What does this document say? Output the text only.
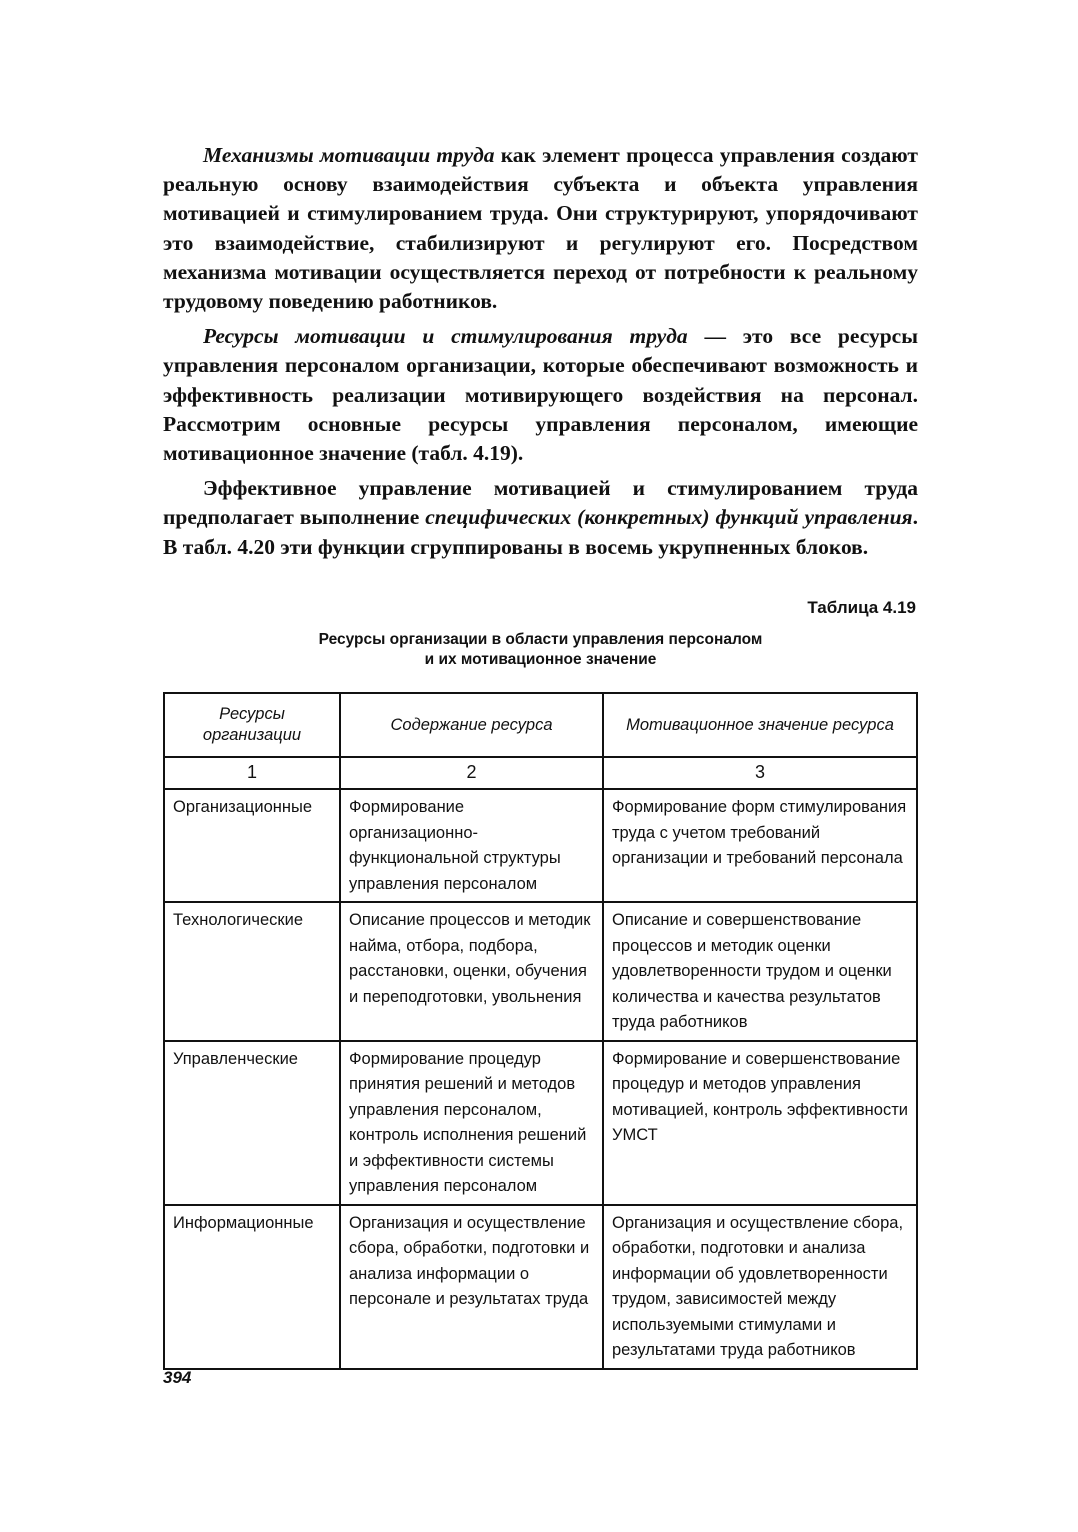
Механизмы мотивации труда как элемент процесса управления создают реальную основу взаимодействия субъекта и объекта управления мотивацией и стимулированием труда. Они структурируют, упорядочивают это взаимодействие, стабилизируют и регулируют его. Посредством механизма мотивации осуществляется переход от потребности к реальному трудовому поведению работников.

Ресурсы мотивации и стимулирования труда — это все ресурсы управления персоналом организации, которые обеспечивают возможность и эффективность реализации мотивирующего воздействия на персонал. Рассмотрим основные ресурсы управления персоналом, имеющие мотивационное значение (табл. 4.19).

Эффективное управление мотивацией и стимулированием труда предполагает выполнение специфических (конкретных) функций управления. В табл. 4.20 эти функции сгруппированы в восемь укрупненных блоков.

Таблица 4.19
Ресурсы организации в области управления персоналом
и их мотивационное значение
Ресурсы организации	Содержание ресурса	Мотивационное значение ресурса
1	2	3
Организационные	Формирование организационно-функциональной структуры управления персоналом	Формирование форм стимулирования труда с учетом требований организации и требований персонала
Технологические	Описание процессов и методик найма, отбора, подбора, расстановки, оценки, обучения и переподготовки, увольнения	Описание и совершенствование процессов и методик оценки удовлетворенности трудом и оценки количества и качества результатов труда работников
Управленческие	Формирование процедур принятия решений и методов управления персоналом, контроль исполнения решений и эффективности системы управления персоналом	Формирование и совершенствование процедур и методов управления мотивацией, контроль эффективности УМСТ
Информационные	Организация и осуществление сбора, обработки, подготовки и анализа информации о персонале и результатах труда	Организация и осуществление сбора, обработки, подготовки и анализа информации об удовлетворенности трудом, зависимостей между используемыми стимулами и результатами труда работников
394
